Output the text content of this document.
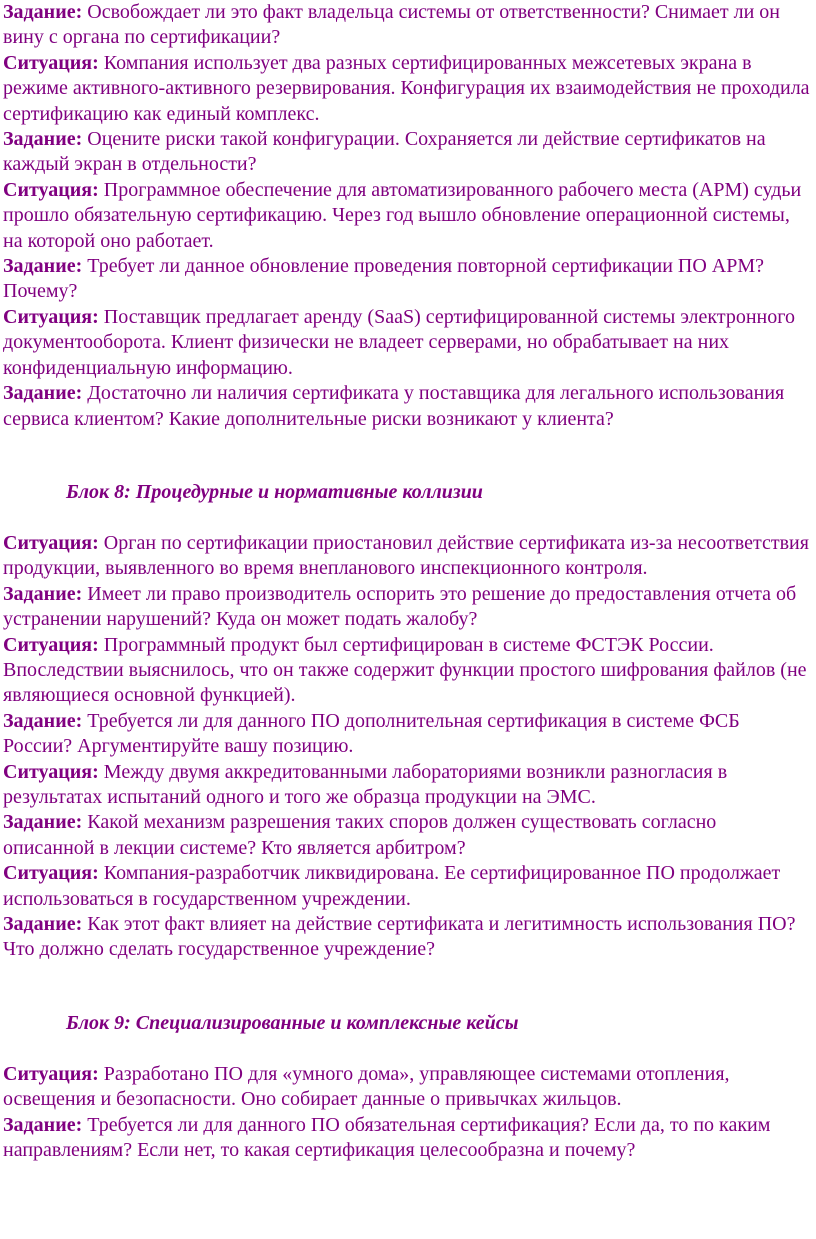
Задание: Освобождает ли это факт владельца системы от ответственности? Снимает ли он вину с органа по сертификации?

Ситуация: Компания использует два разных сертифицированных межсетевых экрана в режиме активного-активного резервирования. Конфигурация их взаимодействия не проходила сертификацию как единый комплекс.

Задание: Оцените риски такой конфигурации. Сохраняется ли действие сертификатов на каждый экран в отдельности?

Ситуация: Программное обеспечение для автоматизированного рабочего места (АРМ) судьи прошло обязательную сертификацию. Через год вышло обновление операционной системы, на которой оно работает.

Задание: Требует ли данное обновление проведения повторной сертификации ПО АРМ? Почему?

Ситуация: Поставщик предлагает аренду (SaaS) сертифицированной системы электронного документооборота. Клиент физически не владеет серверами, но обрабатывает на них конфиденциальную информацию.

Задание: Достаточно ли наличия сертификата у поставщика для легального использования сервиса клиентом? Какие дополнительные риски возникают у клиента?

Блок 8: Процедурные и нормативные коллизии

Ситуация: Орган по сертификации приостановил действие сертификата из-за несоответствия продукции, выявленного во время внепланового инспекционного контроля.

Задание: Имеет ли право производитель оспорить это решение до предоставления отчета об устранении нарушений? Куда он может подать жалобу?

Ситуация: Программный продукт был сертифицирован в системе ФСТЭК России. Впоследствии выяснилось, что он также содержит функции простого шифрования файлов (не являющиеся основной функцией).

Задание: Требуется ли для данного ПО дополнительная сертификация в системе ФСБ России? Аргументируйте вашу позицию.

Ситуация: Между двумя аккредитованными лабораториями возникли разногласия в результатах испытаний одного и того же образца продукции на ЭМС.

Задание: Какой механизм разрешения таких споров должен существовать согласно описанной в лекции системе? Кто является арбитром?

Ситуация: Компания-разработчик ликвидирована. Ее сертифицированное ПО продолжает использоваться в государственном учреждении.

Задание: Как этот факт влияет на действие сертификата и легитимность использования ПО? Что должно сделать государственное учреждение?

Блок 9: Специализированные и комплексные кейсы

Ситуация: Разработано ПО для «умного дома», управляющее системами отопления, освещения и безопасности. Оно собирает данные о привычках жильцов.

Задание: Требуется ли для данного ПО обязательная сертификация? Если да, то по каким направлениям? Если нет, то какая сертификация целесообразна и почему?
